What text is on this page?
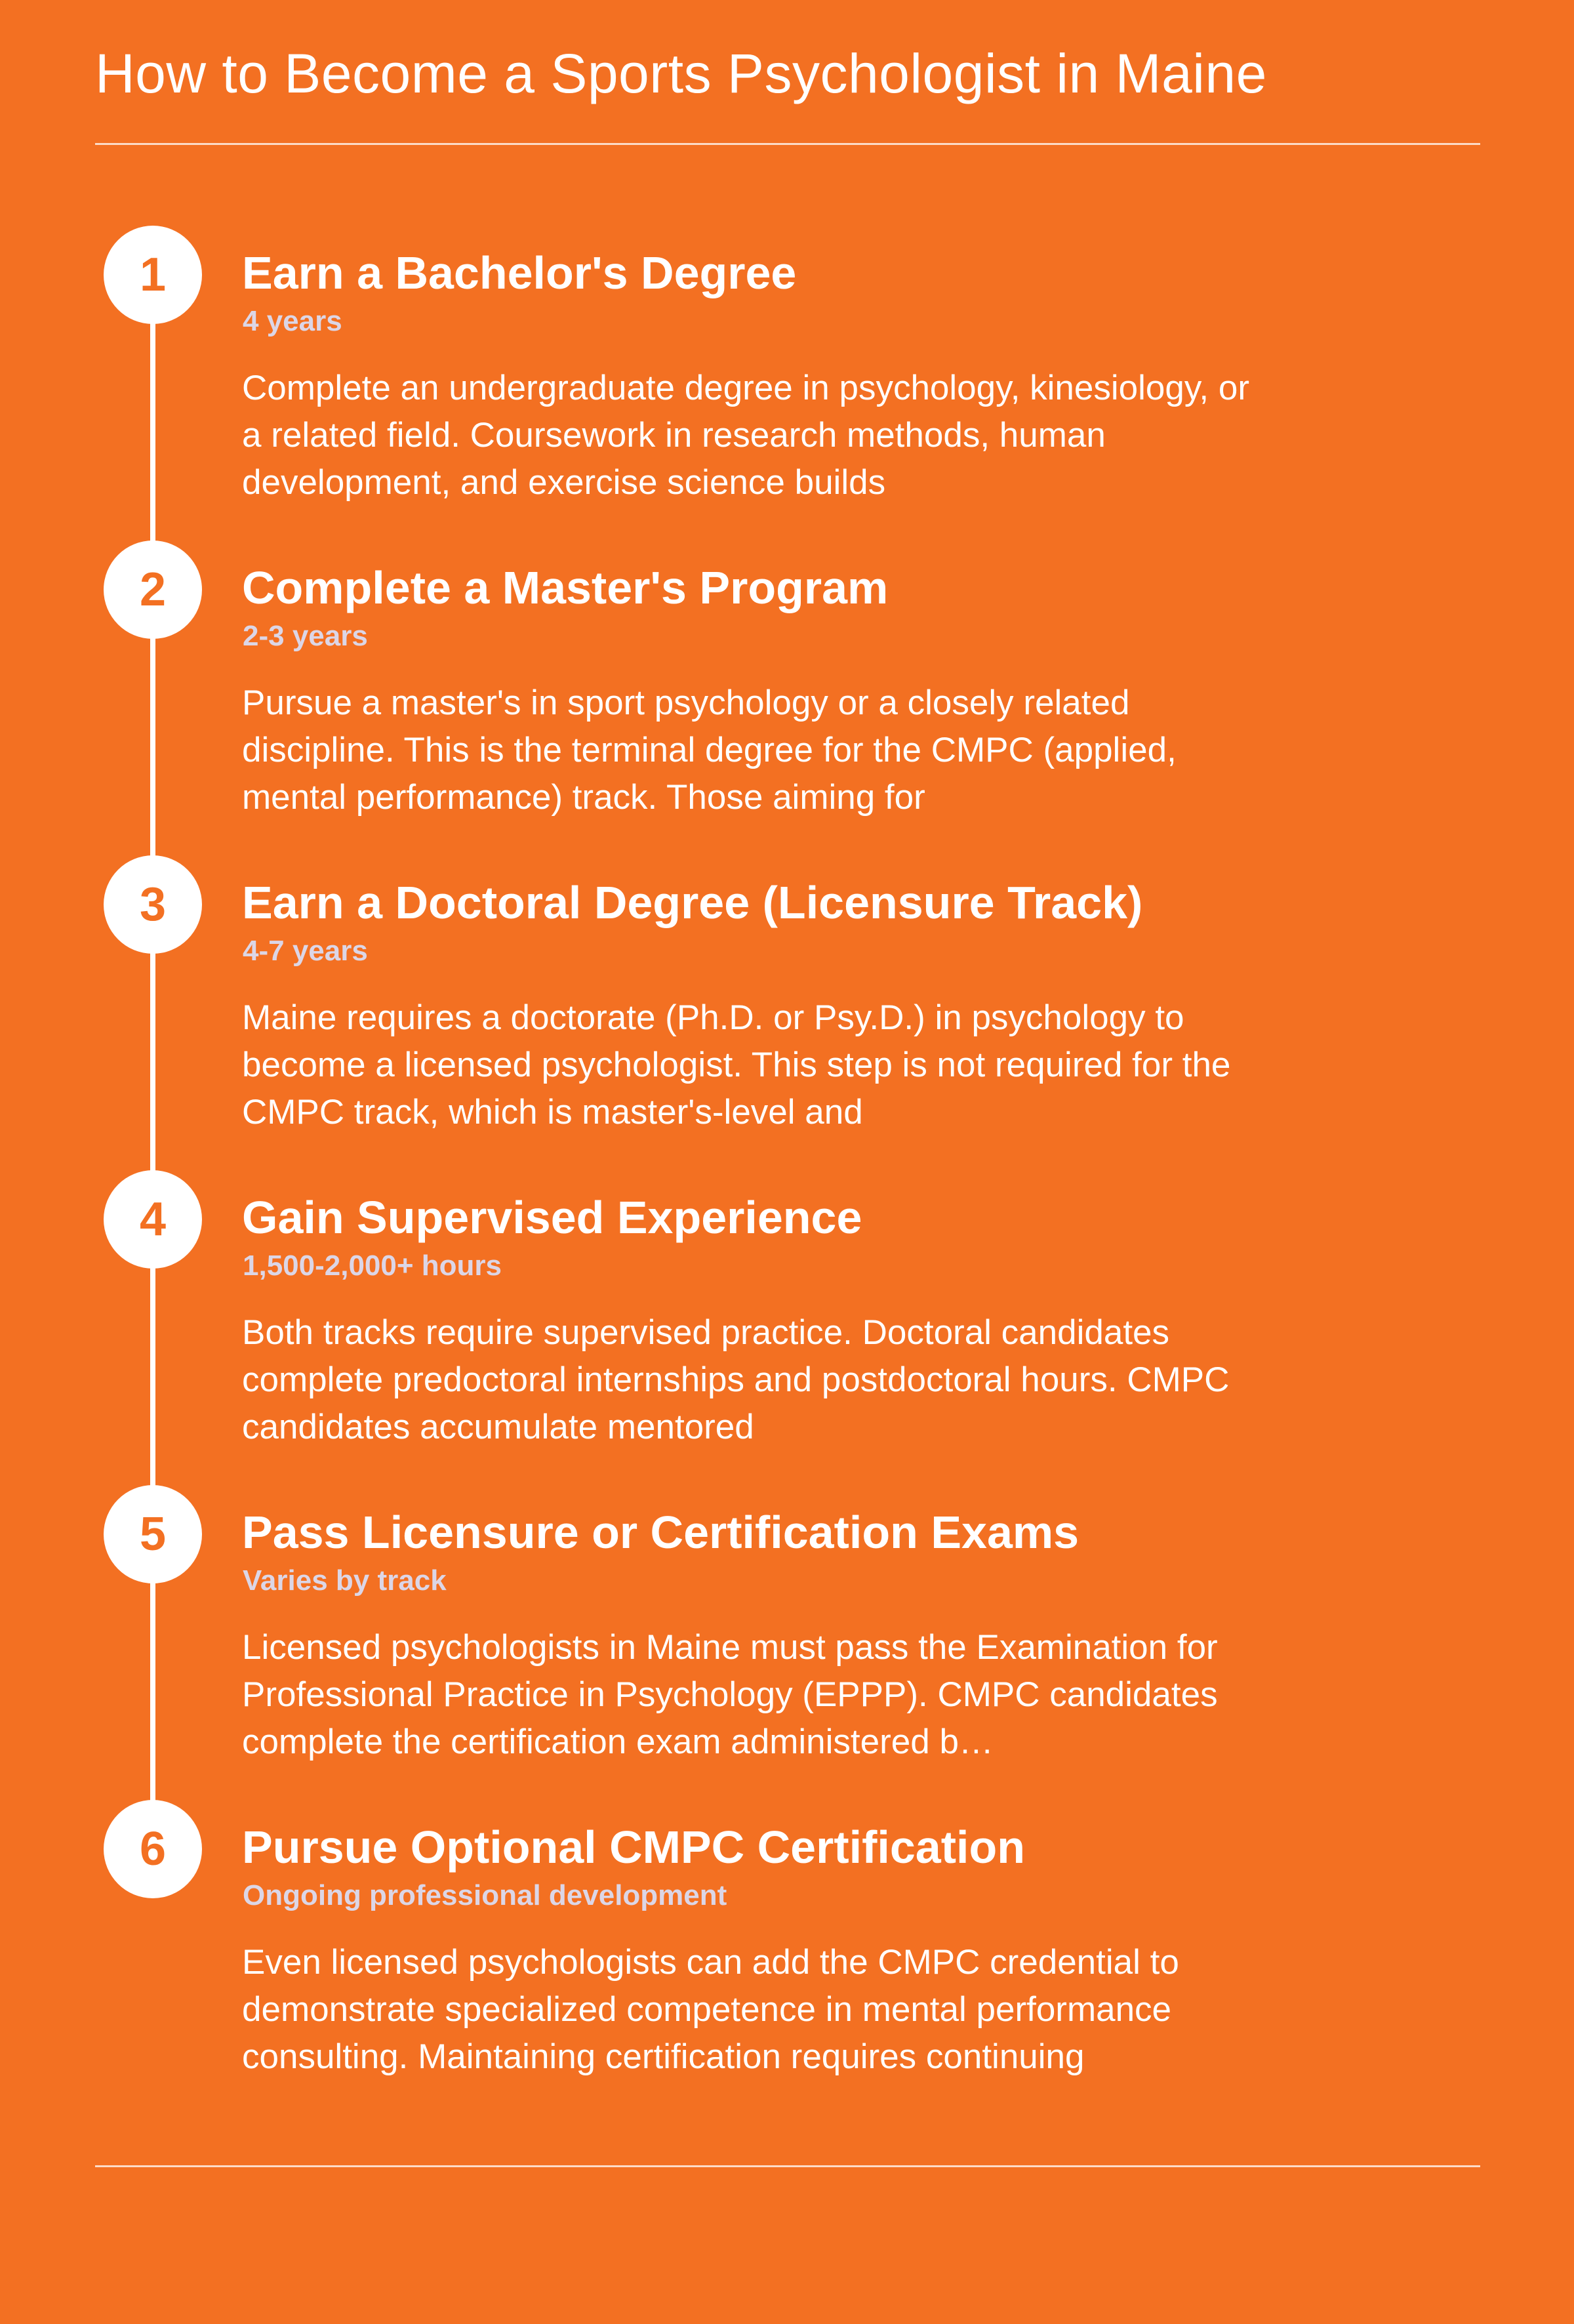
How to Become a Sports Psychologist in Maine
1	Earn a Bachelor's Degree
4 years
Complete an undergraduate degree in psychology, kinesiology, or a related field. Coursework in research methods, human development, and exercise science builds
2	Complete a Master's Program
2-3 years
Pursue a master's in sport psychology or a closely related discipline. This is the terminal degree for the CMPC (applied, mental performance) track. Those aiming for
3	Earn a Doctoral Degree (Licensure Track)
4-7 years
Maine requires a doctorate (Ph.D. or Psy.D.) in psychology to become a licensed psychologist. This step is not required for the CMPC track, which is master's-level and
4	Gain Supervised Experience
1,500-2,000+ hours
Both tracks require supervised practice. Doctoral candidates complete predoctoral internships and postdoctoral hours. CMPC candidates accumulate mentored
5	Pass Licensure or Certification Exams
Varies by track
Licensed psychologists in Maine must pass the Examination for Professional Practice in Psychology (EPPP). CMPC candidates complete the certification exam administered b…
6	Pursue Optional CMPC Certification
Ongoing professional development
Even licensed psychologists can add the CMPC credential to demonstrate specialized competence in mental performance consulting. Maintaining certification requires continuing
